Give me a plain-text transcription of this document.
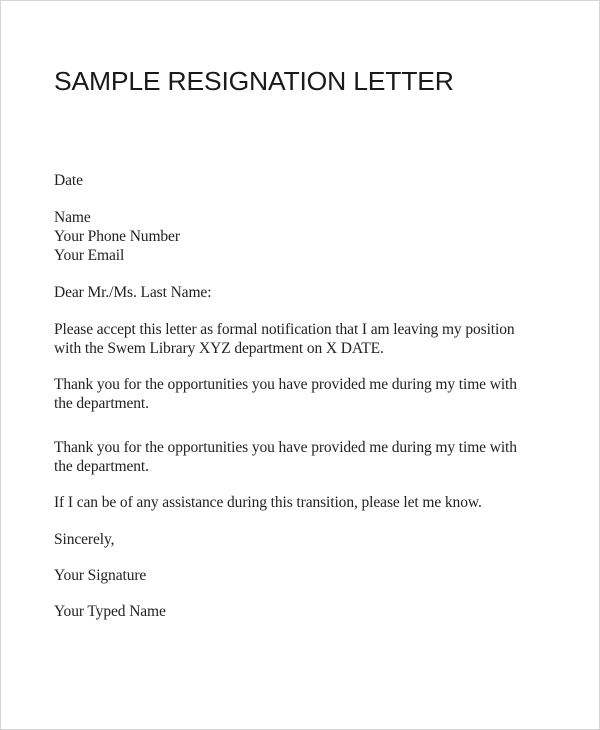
SAMPLE RESIGNATION LETTER

Date

Name

Your Phone Number

Your Email

Dear Mr./Ms. Last Name:

Please accept this letter as formal notification that I am leaving my position

with the Swem Library XYZ department on X DATE.

Thank you for the opportunities you have provided me during my time with

the department.

Thank you for the opportunities you have provided me during my time with

the department.

If I can be of any assistance during this transition, please let me know.

Sincerely,

Your Signature

Your Typed Name
